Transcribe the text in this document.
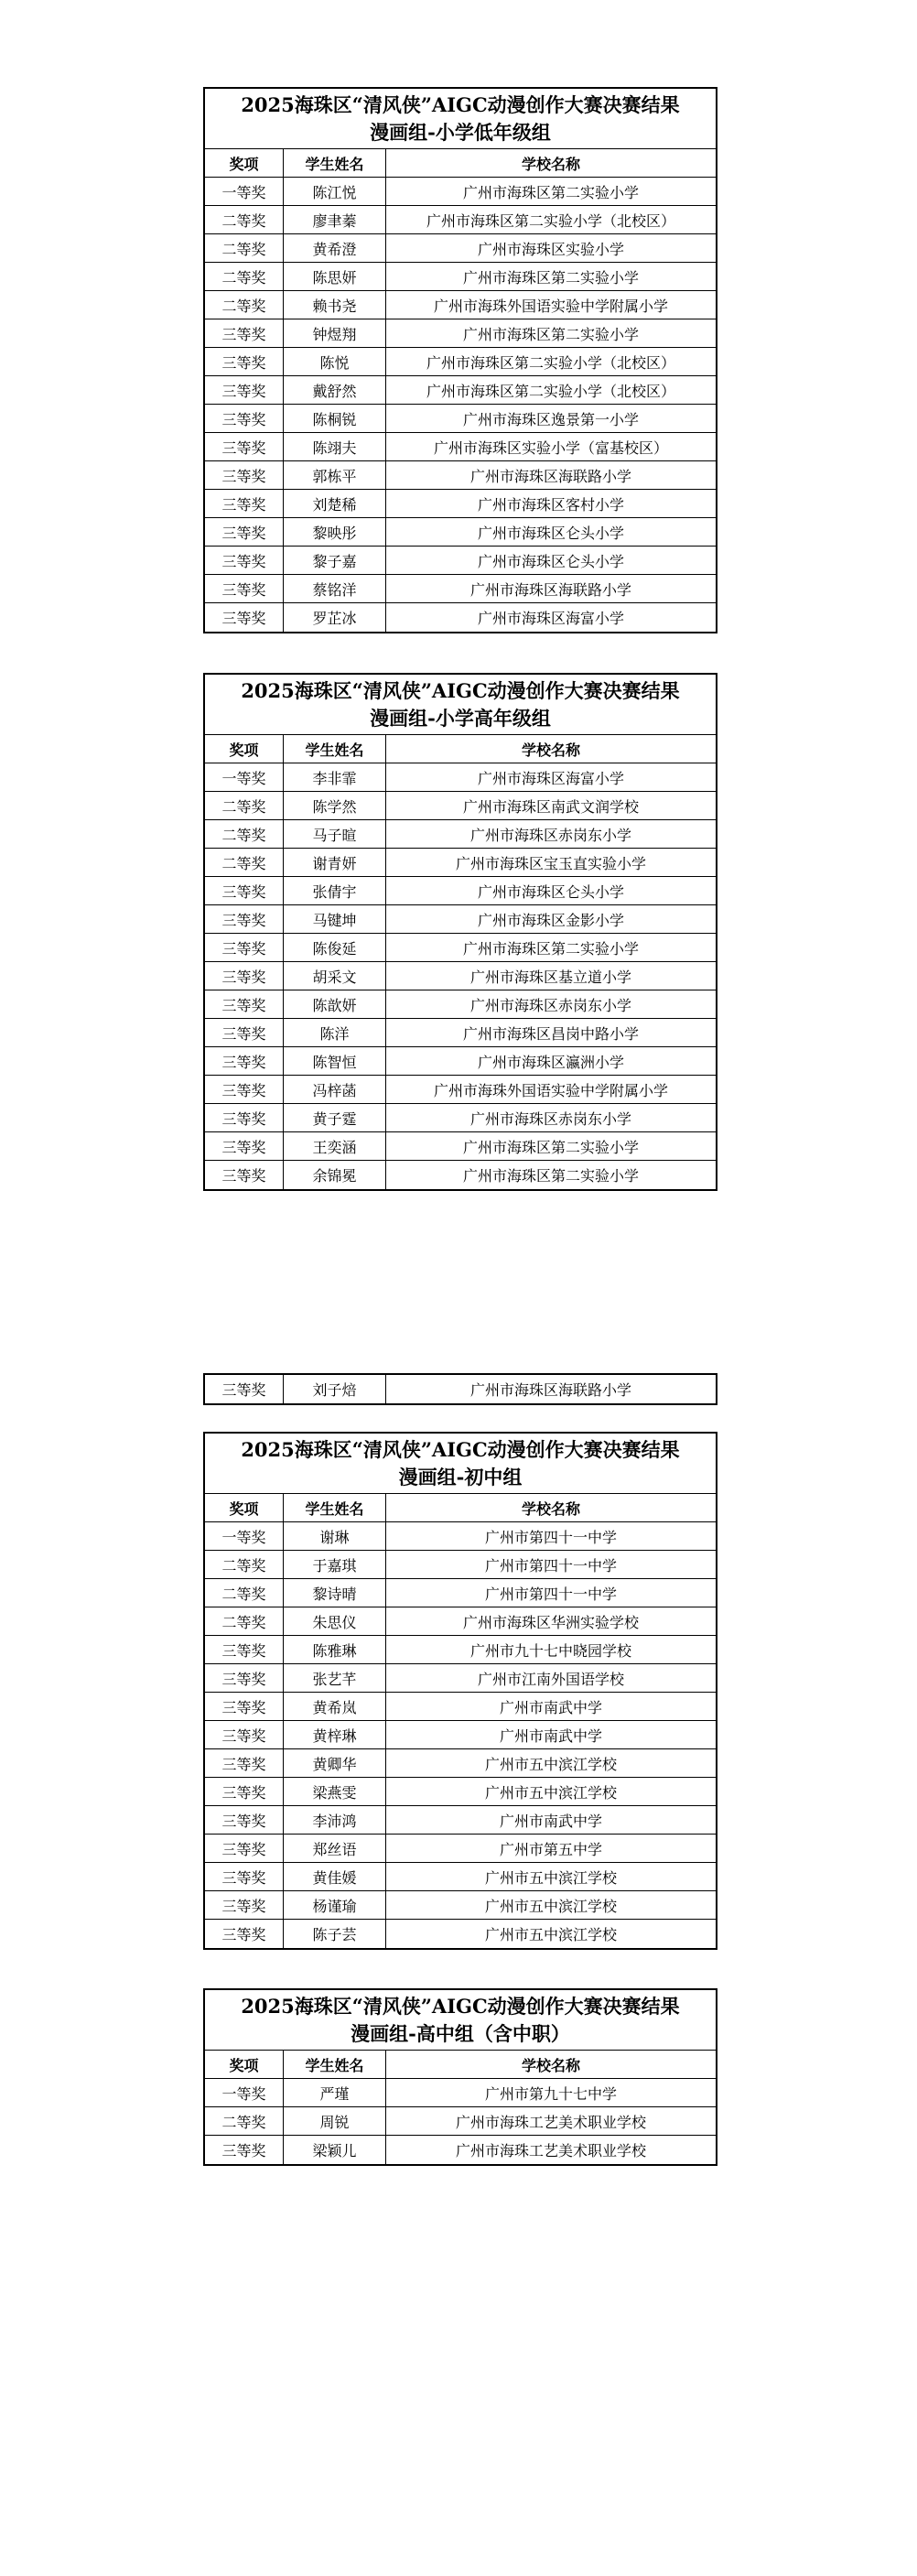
2025海珠区“清风侠”AIGC动漫创作大赛决赛结果
漫画组-小学低年级组
奖项	学生姓名	学校名称
一等奖	陈江悦	广州市海珠区第二实验小学
二等奖	廖聿蓁	广州市海珠区第二实验小学（北校区）
二等奖	黄希澄	广州市海珠区实验小学
二等奖	陈思妍	广州市海珠区第二实验小学
二等奖	赖书尧	广州市海珠外国语实验中学附属小学
三等奖	钟煜翔	广州市海珠区第二实验小学
三等奖	陈悦	广州市海珠区第二实验小学（北校区）
三等奖	戴舒然	广州市海珠区第二实验小学（北校区）
三等奖	陈桐锐	广州市海珠区逸景第一小学
三等奖	陈翊夫	广州市海珠区实验小学（富基校区）
三等奖	郭栋平	广州市海珠区海联路小学
三等奖	刘楚稀	广州市海珠区客村小学
三等奖	黎映彤	广州市海珠区仑头小学
三等奖	黎子嘉	广州市海珠区仑头小学
三等奖	蔡铭洋	广州市海珠区海联路小学
三等奖	罗芷冰	广州市海珠区海富小学
2025海珠区“清风侠”AIGC动漫创作大赛决赛结果
漫画组-小学高年级组
奖项	学生姓名	学校名称
一等奖	李非霏	广州市海珠区海富小学
二等奖	陈学然	广州市海珠区南武文润学校
二等奖	马子暄	广州市海珠区赤岗东小学
二等奖	谢青妍	广州市海珠区宝玉直实验小学
三等奖	张倩宇	广州市海珠区仑头小学
三等奖	马键坤	广州市海珠区金影小学
三等奖	陈俊延	广州市海珠区第二实验小学
三等奖	胡采文	广州市海珠区基立道小学
三等奖	陈歆妍	广州市海珠区赤岗东小学
三等奖	陈洋	广州市海珠区昌岗中路小学
三等奖	陈智恒	广州市海珠区瀛洲小学
三等奖	冯梓菡	广州市海珠外国语实验中学附属小学
三等奖	黄子霆	广州市海珠区赤岗东小学
三等奖	王奕涵	广州市海珠区第二实验小学
三等奖	余锦冕	广州市海珠区第二实验小学
三等奖	刘子焙	广州市海珠区海联路小学
2025海珠区“清风侠”AIGC动漫创作大赛决赛结果
漫画组-初中组
奖项	学生姓名	学校名称
一等奖	谢琳	广州市第四十一中学
二等奖	于嘉琪	广州市第四十一中学
二等奖	黎诗晴	广州市第四十一中学
二等奖	朱思仪	广州市海珠区华洲实验学校
三等奖	陈雅琳	广州市九十七中晓园学校
三等奖	张艺芊	广州市江南外国语学校
三等奖	黄希岚	广州市南武中学
三等奖	黄梓琳	广州市南武中学
三等奖	黄卿华	广州市五中滨江学校
三等奖	梁燕雯	广州市五中滨江学校
三等奖	李沛鸿	广州市南武中学
三等奖	郑丝语	广州市第五中学
三等奖	黄佳媛	广州市五中滨江学校
三等奖	杨谨瑜	广州市五中滨江学校
三等奖	陈子芸	广州市五中滨江学校
2025海珠区“清风侠”AIGC动漫创作大赛决赛结果
漫画组-高中组（含中职）
奖项	学生姓名	学校名称
一等奖	严瑾	广州市第九十七中学
二等奖	周锐	广州市海珠工艺美术职业学校
三等奖	梁颖儿	广州市海珠工艺美术职业学校
